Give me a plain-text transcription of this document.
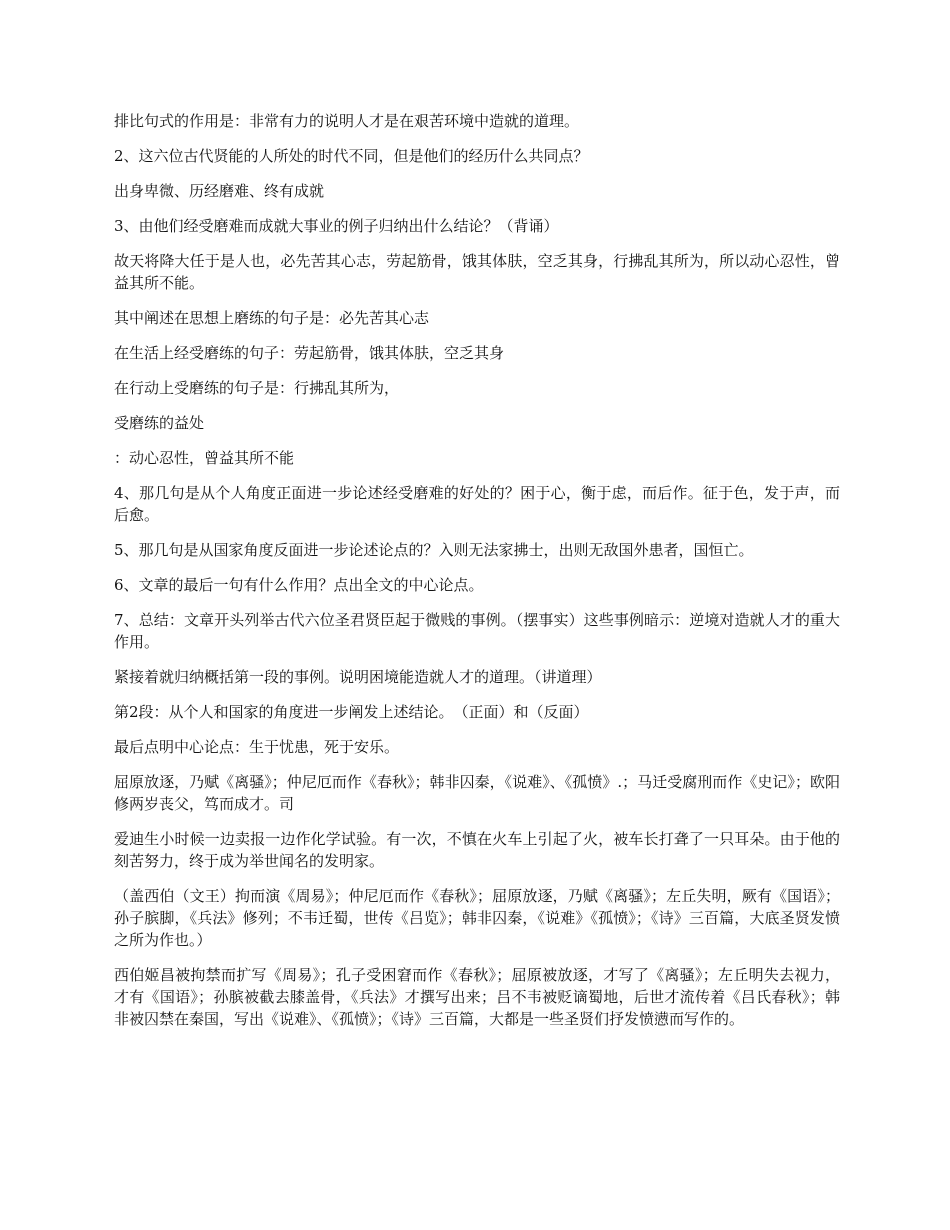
排比句式的作用是：非常有力的说明人才是在艰苦环境中造就的道理。

2、这六位古代贤能的人所处的时代不同，但是他们的经历什么共同点？

出身卑微、历经磨难、终有成就

3、由他们经受磨难而成就大事业的例子归纳出什么结论？（背诵）

故天将降大任于是人也，必先苦其心志，劳起筋骨，饿其体肤，空乏其身，行拂乱其所为，所以动心忍性，曾益其所不能。

其中阐述在思想上磨练的句子是：必先苦其心志

在生活上经受磨练的句子：劳起筋骨，饿其体肤，空乏其身

在行动上受磨练的句子是：行拂乱其所为，

受磨练的益处

：动心忍性，曾益其所不能

4、那几句是从个人角度正面进一步论述经受磨难的好处的？困于心，衡于虑，而后作。征于色，发于声，而后愈。

5、那几句是从国家角度反面进一步论述论点的？入则无法家拂士，出则无敌国外患者，国恒亡。

6、文章的最后一句有什么作用？点出全文的中心论点。

7、总结：文章开头列举古代六位圣君贤臣起于微贱的事例。（摆事实）这些事例暗示：逆境对造就人才的重大作用。

紧接着就归纳概括第一段的事例。说明困境能造就人才的道理。（讲道理）

第2段：从个人和国家的角度进一步阐发上述结论。　（正面）和（反面）

最后点明中心论点：生于忧患，死于安乐。

屈原放逐，乃赋《离骚》；仲尼厄而作《春秋》；韩非囚秦，《说难》、《孤愤》.；马迁受腐刑而作《史记》；欧阳修两岁丧父，笃而成才。司

爱迪生小时候一边卖报一边作化学试验。有一次，不慎在火车上引起了火，被车长打聋了一只耳朵。由于他的刻苦努力，终于成为举世闻名的发明家。

（盖西伯（文王）拘而演《周易》；仲尼厄而作《春秋》；屈原放逐，乃赋《离骚》；左丘失明，厥有《国语》；孙子膑脚，《兵法》修列；不韦迁蜀，世传《吕览》；韩非囚秦，《说难》《孤愤》；《诗》三百篇，大底圣贤发愤之所为作也。）

西伯姬昌被拘禁而扩写《周易》；孔子受困窘而作《春秋》；屈原被放逐，才写了《离骚》；左丘明失去视力，才有《国语》；孙膑被截去膝盖骨，《兵法》才撰写出来；吕不韦被贬谪蜀地，后世才流传着《吕氏春秋》；韩非被囚禁在秦国，写出《说难》、《孤愤》；《诗》三百篇，大都是一些圣贤们抒发愤懑而写作的。
